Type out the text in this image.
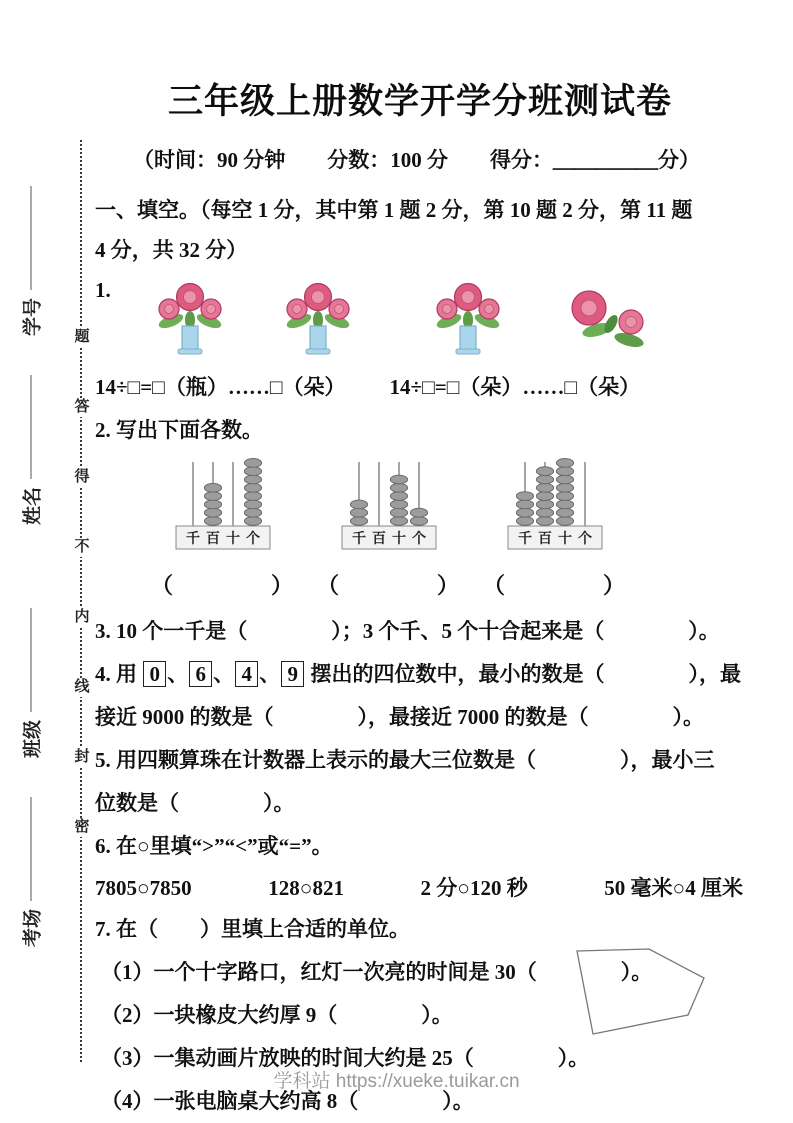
题
答
得
不
内
线
封
密
学号
姓名
班级
考场
三年级上册数学开学分班测试卷
（时间：90 分钟　　分数：100 分　　得分：＿＿＿＿＿分）
一、填空。（每空 1 分，其中第 1 题 2 分，第 10 题 2 分，第 11 题
4 分，共 32 分）
1.
14÷□=□（瓶）……□（朵） 14÷□=□（朵）……□（朵）
2. 写出下面各数。
千 百 十 个
（　　　　）
千 百 十 个
（　　　　）
千 百 十 个
（　　　　）
3. 10 个一千是（　　　　）；3 个千、5 个十合起来是（　　　　）。
4. 用 0 、 6 、 4 、 9 摆出的四位数中，最小的数是（　　　　），最
接近 9000 的数是（　　　　），最接近 7000 的数是（　　　　）。
5. 用四颗算珠在计数器上表示的最大三位数是（　　　　），最小三
位数是（　　　　）。
6. 在○里填“>”“<”或“=”。
7805○7850	128○821	2 分○120 秒	50 毫米○4 厘米
7. 在（　　）里填上合适的单位。
（1）一个十字路口，红灯一次亮的时间是 30（　　　　）。
（2）一块橡皮大约厚 9（　　　　）。
（3）一集动画片放映的时间大约是 25（　　　　）。
（4）一张电脑桌大约高 8（　　　　）。
学科站 https://xueke.tuikar.cn
